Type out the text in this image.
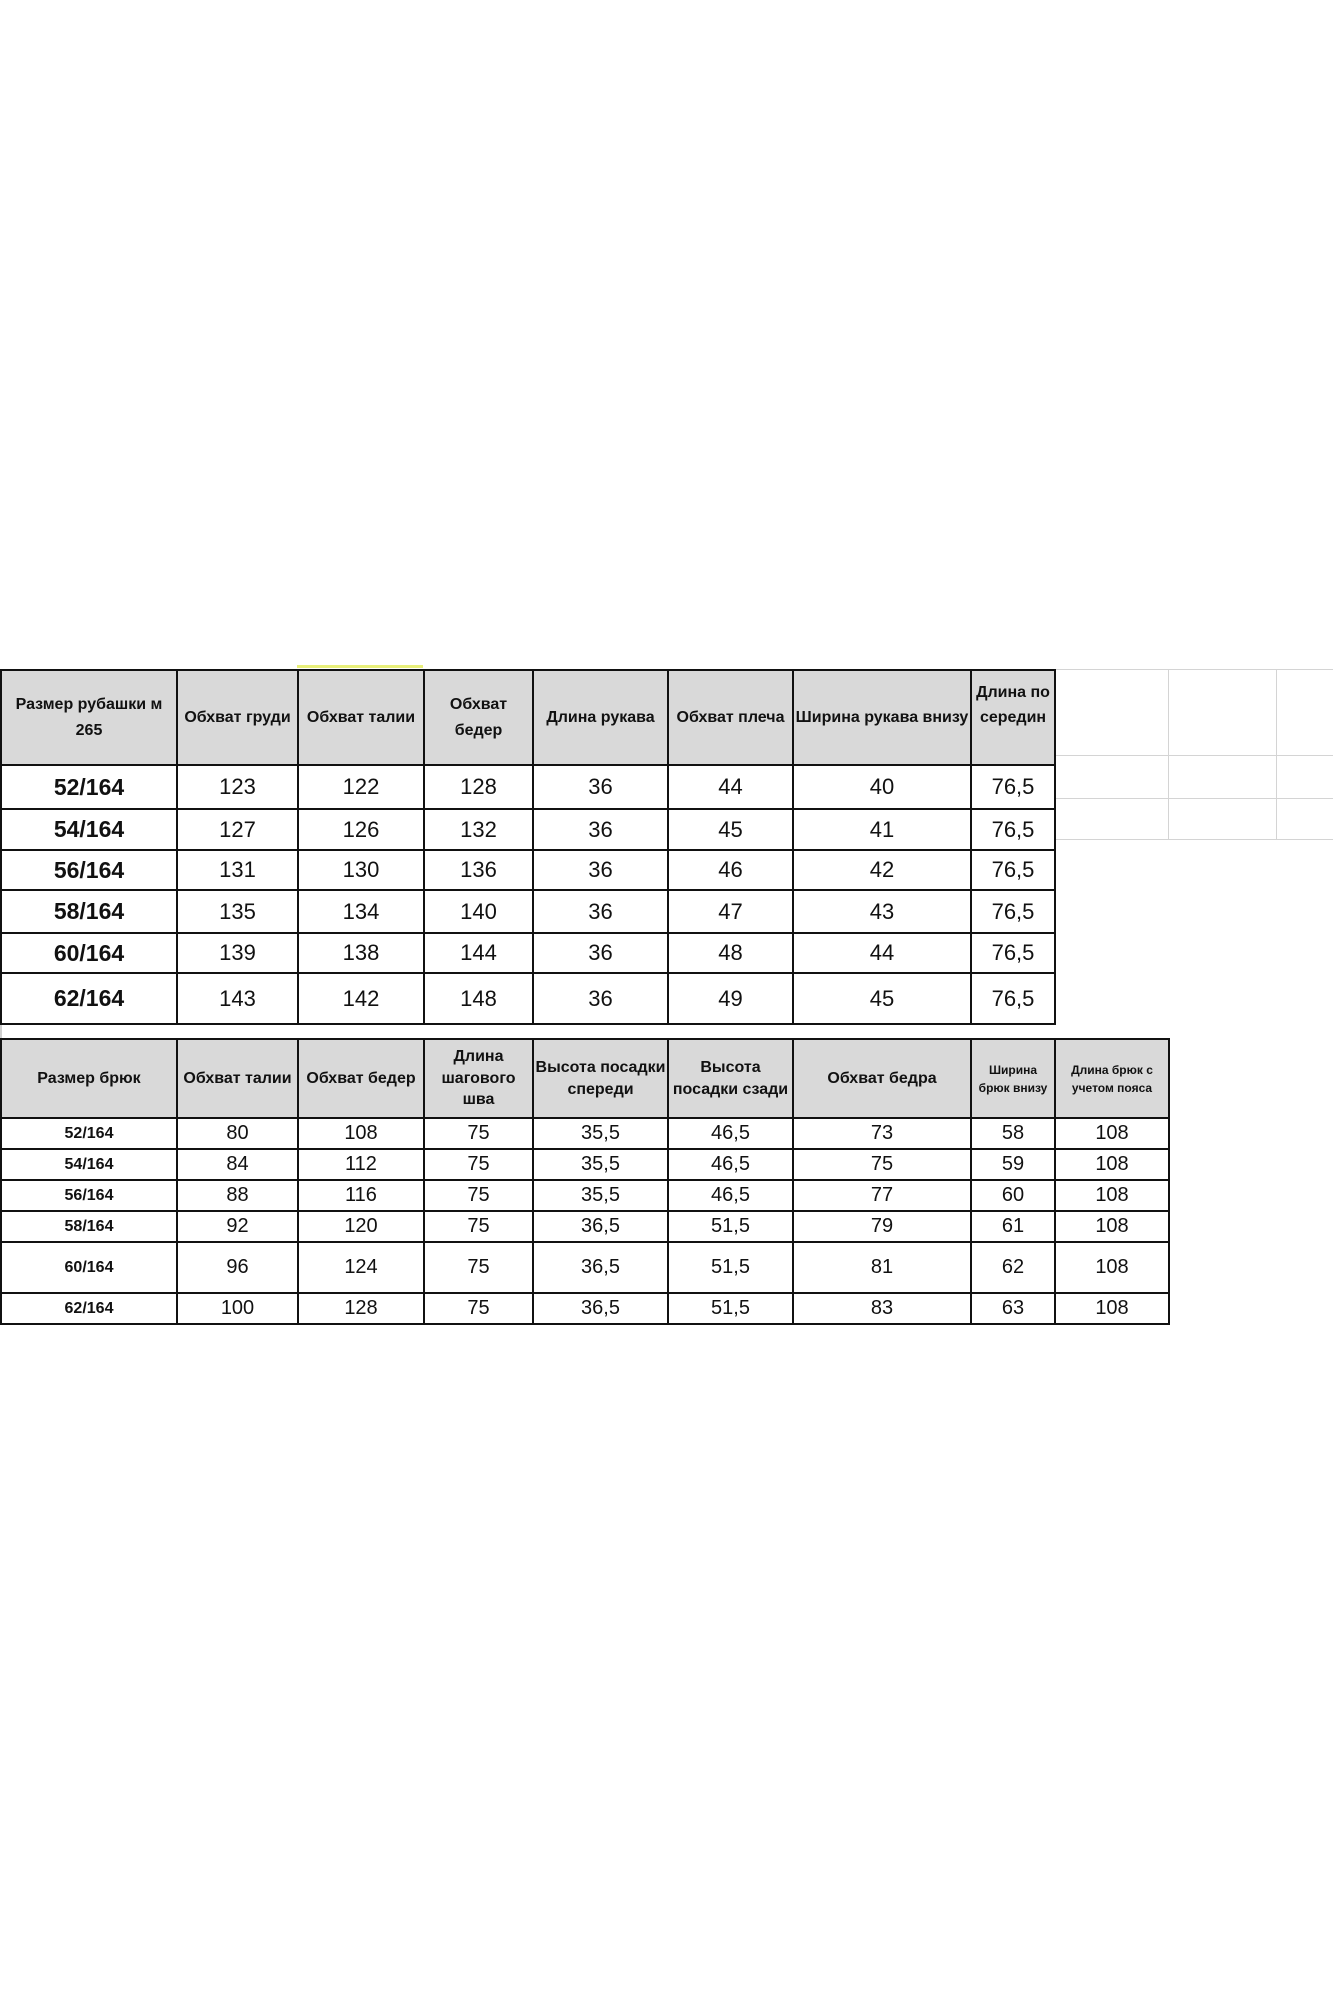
Размер рубашки м 265	Обхват груди	Обхват талии	Обхват бедер	Длина рукава	Обхват плеча	Ширина рукава внизу	Длина по середин

52/164	123	122	128	36	44	40	76,5
54/164	127	126	132	36	45	41	76,5
56/164	131	130	136	36	46	42	76,5
58/164	135	134	140	36	47	43	76,5
60/164	139	138	144	36	48	44	76,5
62/164	143	142	148	36	49	45	76,5
Размер брюк	Обхват талии	Обхват бедер	Длина шагового шва	Высота посадки спереди	Высота посадки сзади	Обхват бедра	Ширина брюк внизу	Длина брюк с учетом пояса
52/164	80	108	75	35,5	46,5	73	58	108
54/164	84	112	75	35,5	46,5	75	59	108
56/164	88	116	75	35,5	46,5	77	60	108
58/164	92	120	75	36,5	51,5	79	61	108
60/164	96	124	75	36,5	51,5	81	62	108
62/164	100	128	75	36,5	51,5	83	63	108
